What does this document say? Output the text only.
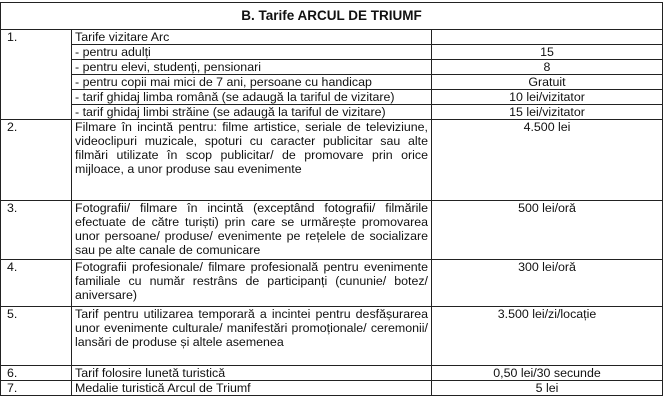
B. Tarife ARCUL DE TRIUMF		
1.	Tarife vizitare Arc	
	- pentru adulți	15
	- pentru elevi, studenți, pensionari	8
	- pentru copii mai mici de 7 ani, persoane cu handicap	Gratuit
	- tarif ghidaj limba română (se adaugă la tariful de vizitare)	10 lei/vizitator
	- tarif ghidaj limbi străine (se adaugă la tariful de vizitare)	15 lei/vizitator
2.	Filmare în incintă pentru: filme artistice, seriale de televiziune, videoclipuri muzicale, spoturi cu caracter publicitar sau alte filmări utilizate în scop publicitar/ de promovare prin orice mijloace, a unor produse sau evenimente	4.500 lei
3.	Fotografii/ filmare în incintă (exceptând fotografii/ filmările efectuate de către turiști) prin care se urmărește promovarea unor persoane/ produse/ evenimente pe rețelele de socializare sau pe alte canale de comunicare	500 lei/oră
4.	Fotografii profesionale/ filmare profesională pentru evenimente familiale cu număr restrâns de participanți (cununie/ botez/ aniversare)	300 lei/oră
5.	Tarif pentru utilizarea temporară a incintei pentru desfășurarea unor evenimente culturale/ manifestări promoționale/ ceremonii/ lansări de produse și altele asemenea	3.500 lei/zi/locație
6.	Tarif folosire lunetă turistică	0,50 lei/30 secunde
7.	Medalie turistică Arcul de Triumf	5 lei
